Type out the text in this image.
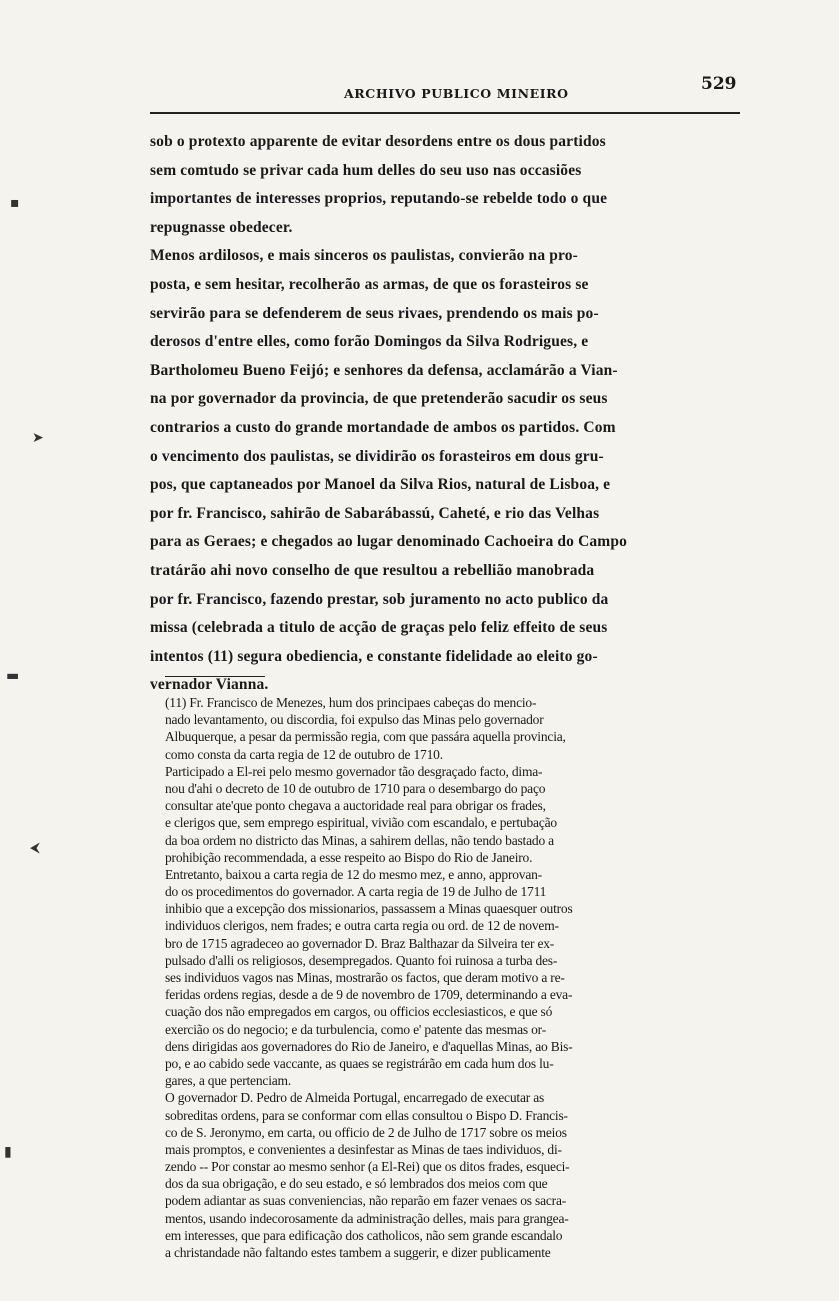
ARCHIVO PUBLICO MINEIRO	529
▪
➤
▬
⮜
▮
sob o protexto apparente de evitar desordens entre os dous partidos
sem comtudo se privar cada hum delles do seu uso nas occasiões
importantes de interesses proprios, reputando-se rebelde todo o que
repugnasse obedecer.
Menos ardilosos, e mais sinceros os paulistas, convierão na pro-
posta, e sem hesitar, recolherão as armas, de que os forasteiros se
servirão para se defenderem de seus rivaes, prendendo os mais po-
derosos d'entre elles, como forão Domingos da Silva Rodrigues, e
Bartholomeu Bueno Feijó; e senhores da defensa, acclamárão a Vian-
na por governador da provincia, de que pretenderão sacudir os seus
contrarios a custo do grande mortandade de ambos os partidos. Com
o vencimento dos paulistas, se dividirão os forasteiros em dous gru-
pos, que captaneados por Manoel da Silva Rios, natural de Lisboa, e
por fr. Francisco, sahirão de Sabarábassú, Caheté, e rio das Velhas
para as Geraes; e chegados ao lugar denominado Cachoeira do Campo
tratárão ahi novo conselho de que resultou a rebellião manobrada
por fr. Francisco, fazendo prestar, sob juramento no acto publico da
missa (celebrada a titulo de acção de graças pelo feliz effeito de seus
intentos (11) segura obediencia, e constante fidelidade ao eleito go-
vernador Vianna.
(11) Fr. Francisco de Menezes, hum dos principaes cabeças do mencio-
nado levantamento, ou discordia, foi expulso das Minas pelo governador
Albuquerque, a pesar da permissão regia, com que passára aquella provincia,
como consta da carta regia de 12 de outubro de 1710.
Participado a El-rei pelo mesmo governador tão desgraçado facto, dima-
nou d'ahi o decreto de 10 de outubro de 1710 para o desembargo do paço
consultar ate'que ponto chegava a auctoridade real para obrigar os frades,
e clerigos que, sem emprego espiritual, vivião com escandalo, e pertubação
da boa ordem no districto das Minas, a sahirem dellas, não tendo bastado a
prohibição recommendada, a esse respeito ao Bispo do Rio de Janeiro.
Entretanto, baixou a carta regia de 12 do mesmo mez, e anno, approvan-
do os procedimentos do governador. A carta regia de 19 de Julho de 1711
inhibio que a excepção dos missionarios, passassem a Minas quaesquer outros
individuos clerigos, nem frades; e outra carta regia ou ord. de 12 de novem-
bro de 1715 agradeceo ao governador D. Braz Balthazar da Silveira ter ex-
pulsado d'alli os religiosos, desempregados. Quanto foi ruinosa a turba des-
ses individuos vagos nas Minas, mostrarão os factos, que deram motivo a re-
feridas ordens regias, desde a de 9 de novembro de 1709, determinando a eva-
cuação dos não empregados em cargos, ou officios ecclesiasticos, e que só
exercião os do negocio; e da turbulencia, como e' patente das mesmas or-
dens dirigidas aos governadores do Rio de Janeiro, e d'aquellas Minas, ao Bis-
po, e ao cabido sede vaccante, as quaes se registrárão em cada hum dos lu-
gares, a que pertenciam.
O governador D. Pedro de Almeida Portugal, encarregado de executar as
sobreditas ordens, para se conformar com ellas consultou o Bispo D. Francis-
co de S. Jeronymo, em carta, ou officio de 2 de Julho de 1717 sobre os meios
mais promptos, e convenientes a desinfestar as Minas de taes individuos, di-
zendo -- Por constar ao mesmo senhor (a El-Rei) que os ditos frades, esqueci-
dos da sua obrigação, e do seu estado, e só lembrados dos meios com que
podem adiantar as suas conveniencias, não reparão em fazer venaes os sacra-
mentos, usando indecorosamente da administração delles, mais para grangea-
em interesses, que para edificação dos catholicos, não sem grande escandalo
a christandade não faltando estes tambem a suggerir, e dizer publicamente
